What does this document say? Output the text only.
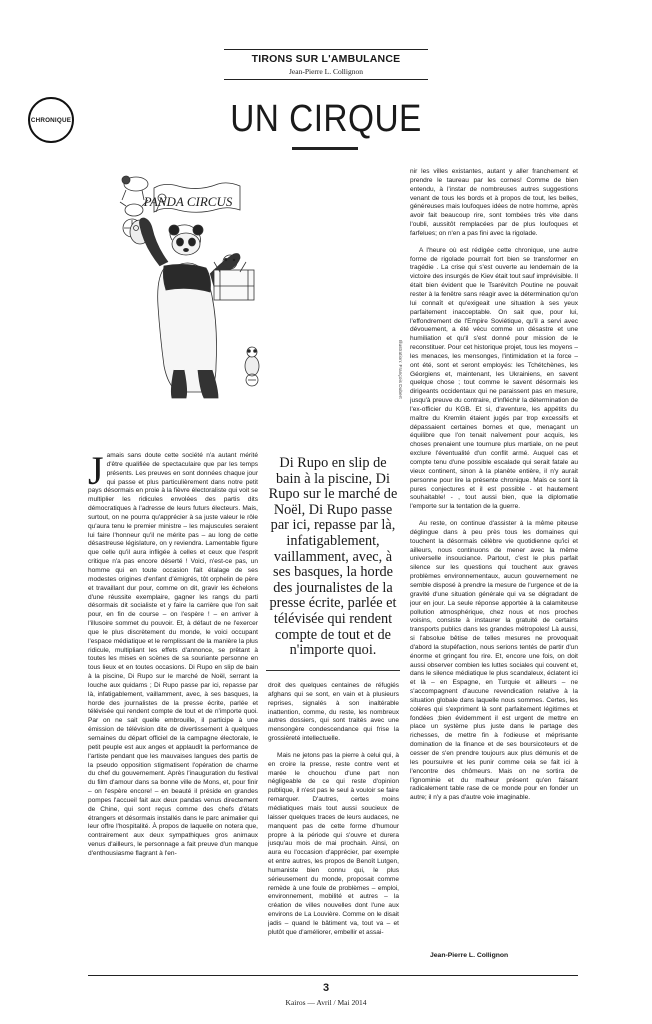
TIRONS SUR L'AMBULANCE
Jean-Pierre L. Collignon
CHRONIQUE	UN CIRQUE
PANDA CIRCUS
Illustration: François Dubert

Jamais sans doute cette société n'a autant mérité d'être qualifiée de spectaculaire que par les temps présents. Les preuves en sont données chaque jour qui passe et plus particulièrement dans notre petit pays désormais en proie à la fièvre électoraliste qui voit se multiplier les ridicules envolées des partis dits démocratiques à l'adresse de leurs futurs électeurs. Mais, surtout, on ne pourra qu'apprécier à sa juste valeur le rôle qu'aura tenu le premier ministre – les majuscules seraient lui faire l'honneur qu'il ne mérite pas – au long de cette désastreuse législature, on y reviendra. Lamentable figure que celle qu'il aura infligée à celles et ceux que l'esprit critique n'a pas encore déserté ! Voici, n'est-ce pas, un homme qui en toute occasion fait étalage de ses modestes origines d'enfant d'émigrés, tôt orphelin de père et travaillant dur pour, comme on dit, gravir les échelons d'une réussite exemplaire, gagner les rangs du parti désormais dit socialiste et y faire la carrière que l'on sait pour, en fin de course – on l'espère ! – en arriver à l'illusoire sommet du pouvoir. Et, à défaut de ne l'exercer que le plus discrètement du monde, le voici occupant l'espace médiatique et le remplissant de la manière la plus ridicule, multipliant les effets d'annonce, se prêtant à toutes les mises en scènes de sa souriante personne en tous lieux et en toutes occasions. Di Rupo en slip de bain à la piscine, Di Rupo sur le marché de Noël, serrant la louche aux quidams ; Di Rupo passe par ici, repasse par là, infatigablement, vaillamment, avec, à ses basques, la horde des journalistes de la presse écrite, parlée et télévisée qui rendent compte de tout et de n'importe quoi. Par on ne sait quelle embrouille, il participe à une émission de télévision dite de divertissement à quelques semaines du départ officiel de la campagne électorale, le petit peuple est aux anges et applaudit la performance de l'artiste pendant que les mauvaises langues des partis de la pseudo opposition stigmatisent l'opération de charme du chef du gouvernement. Après l'inauguration du festival du film d'amour dans sa bonne ville de Mons, et, pour finir – on l'espère encore! – en beauté il préside en grandes pompes l'accueil fait aux deux pandas venus directement de Chine, qui sont reçus comme des chefs d'états étrangers et désormais installés dans le parc animalier qui leur offre l'hospitalité. À propos de laquelle on notera que, contrairement aux deux sympathiques gros animaux venus d'ailleurs, le personnage a fait preuve d'un manque d'enthousiasme flagrant à l'en-

Di Rupo en slip de bain à la piscine, Di Rupo sur le marché de Noël, Di Rupo passe par ici, repasse par là, infatigablement, vaillamment, avec, à ses basques, la horde des journalistes de la presse écrite, parlée et télévisée qui rendent compte de tout et de n'importe quoi.

droit des quelques centaines de réfugiés afghans qui se sont, en vain et à plusieurs reprises, signalés à son inaltérable inattention, comme, du reste, les nombreux autres dossiers, qui sont traités avec une mensongère condescendance qui frise la grossièreté intellectuelle.

Mais ne jetons pas la pierre à celui qui, à en croire la presse, reste contre vent et marée le chouchou d'une part non négligeable de ce qui reste d'opinion publique, il n'est pas le seul à vouloir se faire remarquer. D'autres, certes moins médiatiques mais tout aussi soucieux de laisser quelques traces de leurs audaces, ne manquent pas de cette forme d'humour propre à la période qui s'ouvre et durera jusqu'au mois de mai prochain. Ainsi, on aura eu l'occasion d'apprécier, par exemple et entre autres, les propos de Benoît Lutgen, humaniste bien connu qui, le plus sérieusement du monde, proposait comme remède à une foule de problèmes – emploi, environnement, mobilité et autres – la création de villes nouvelles dont l'une aux environs de La Louvière. Comme on le disait jadis – quand le bâtiment va, tout va – et plutôt que d'améliorer, embellir et assai-

nir les villes existantes, autant y aller franchement et prendre le taureau par les cornes! Comme de bien entendu, à l'instar de nombreuses autres suggestions venant de tous les bords et à propos de tout, les belles, généreuses mais loufoques idées de notre homme, après avoir fait beaucoup rire, sont tombées très vite dans l'oubli, aussitôt remplacées par de plus loufoques et farfelues; on n'en a pas fini avec la rigolade.

A l'heure où est rédigée cette chronique, une autre forme de rigolade pourrait fort bien se transformer en tragédie . La crise qui s'est ouverte au lendemain de la victoire des insurgés de Kiev était tout sauf imprévisible. Il était bien évident que le Tsarévitch Poutine ne pouvait rester à la fenêtre sans réagir avec la détermination qu'on lui connaît et qu'exigeait une situation à ses yeux parfaitement inacceptable. On sait que, pour lui, l'effondrement de l'Empire Soviétique, qu'il a servi avec dévouement, a été vécu comme un désastre et une humiliation et qu'il s'est donné pour mission de le reconstituer. Pour cet historique projet, tous les moyens – les menaces, les mensonges, l'intimidation et la force – ont été, sont et seront employés: les Tchétchènes, les Géorgiens et, maintenant, les Ukrainiens, en savent quelque chose ; tout comme le savent désormais les dirigeants occidentaux qui ne paraissent pas en mesure, jusqu'à preuve du contraire, d'infléchir la détermination de l'ex-officier du KGB. Et si, d'aventure, les appétits du maître du Kremlin étaient jugés par trop excessifs et dépassaient certaines bornes et que, menaçant un équilibre que l'on tenait naïvement pour acquis, les choses prenaient une tournure plus martiale, on ne peut exclure l'éventualité d'un conflit armé. Auquel cas et compte tenu d'une possible escalade qui serait fatale au vieux continent, sinon à la planète entière, il n'y aurait personne pour lire la présente chronique. Mais ce sont là pures conjectures et il est possible - et hautement souhaitable! - , tout aussi bien, que la diplomatie l'emporte sur la tentation de la guerre.

Au reste, on continue d'assister à la même piteuse déglingue dans à peu près tous les domaines qui touchent la désormais célèbre vie quotidienne qu'ici et ailleurs, nous continuons de mener avec la même universelle insouciance. Partout, c'est le plus parfait silence sur les questions qui touchent aux graves problèmes environnementaux, aucun gouvernement ne semble disposé à prendre la mesure de l'urgence et de la gravité d'une situation générale qui va se dégradant de jour en jour. La seule réponse apportée à la calamiteuse pollution atmosphérique, chez nous et nos proches voisins, consiste à instaurer la gratuité de certains transports publics dans les grandes métropoles! Là aussi, si l'absolue bêtise de telles mesures ne provoquait d'abord la stupéfaction, nous serions tentés de partir d'un énorme et grinçant fou rire. Et, encore une fois, on doit aussi observer combien les luttes sociales qui couvent et, dans le silence médiatique le plus scandaleux, éclatent ici et là – en Espagne, en Turquie et ailleurs – ne s'accompagnent d'aucune revendication relative à la situation globale dans laquelle nous sommes. Certes, les colères qui s'expriment là sont parfaitement légitimes et fondées ;bien évidemment il est urgent de mettre en place un système plus juste dans le partage des richesses, de mettre fin à l'odieuse et méprisante domination de la finance et de ses boursicoteurs et de cesser de s'en prendre toujours aux plus démunis et de les poursuivre et les punir comme cela se fait ici à l'encontre des chômeurs. Mais on ne sortira de l'ignominie et du malheur présent qu'en faisant radicalement table rase de ce monde pour en fonder un autre; il n'y a pas d'autre voie imaginable.

Jean-Pierre L. Collignon
3
Kairos — Avril / Mai 2014
